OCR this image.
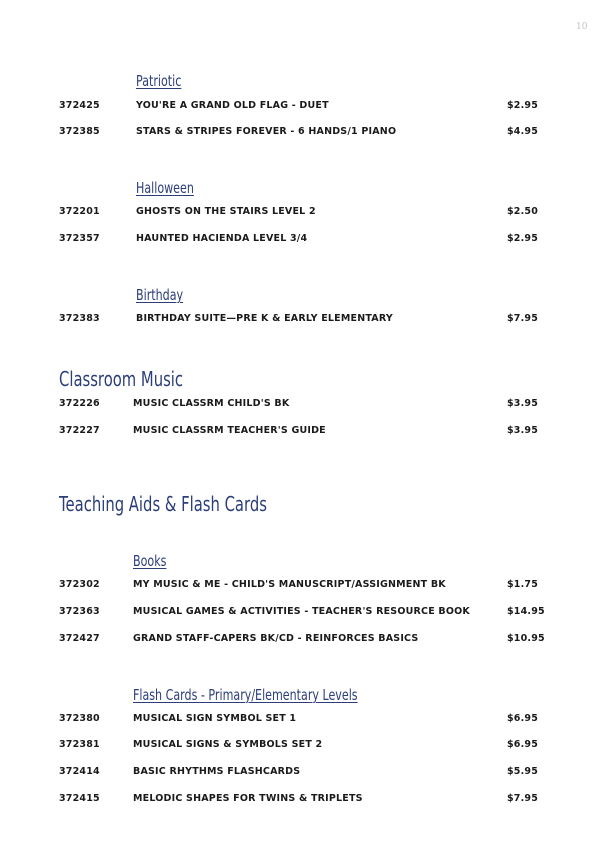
10
Patriotic
372425	YOU'RE A GRAND OLD FLAG - DUET	$2.95
372385	STARS & STRIPES FOREVER - 6 HANDS/1 PIANO	$4.95
Halloween
372201	GHOSTS ON THE STAIRS LEVEL 2	$2.50
372357	HAUNTED HACIENDA LEVEL 3/4	$2.95
Birthday
372383	BIRTHDAY SUITE—PRE K & EARLY ELEMENTARY	$7.95
Classroom Music
372226	MUSIC CLASSRM CHILD'S BK	$3.95
372227	MUSIC CLASSRM TEACHER'S GUIDE	$3.95
Teaching Aids & Flash Cards
Books
372302	MY MUSIC & ME - CHILD'S MANUSCRIPT/ASSIGNMENT BK	$1.75
372363	MUSICAL GAMES & ACTIVITIES - TEACHER'S RESOURCE BOOK	$14.95
372427	GRAND STAFF-CAPERS BK/CD - REINFORCES BASICS	$10.95
Flash Cards - Primary/Elementary Levels
372380	MUSICAL SIGN SYMBOL SET 1	$6.95
372381	MUSICAL SIGNS & SYMBOLS SET 2	$6.95
372414	BASIC RHYTHMS FLASHCARDS	$5.95
372415	MELODIC SHAPES FOR TWINS & TRIPLETS	$7.95
